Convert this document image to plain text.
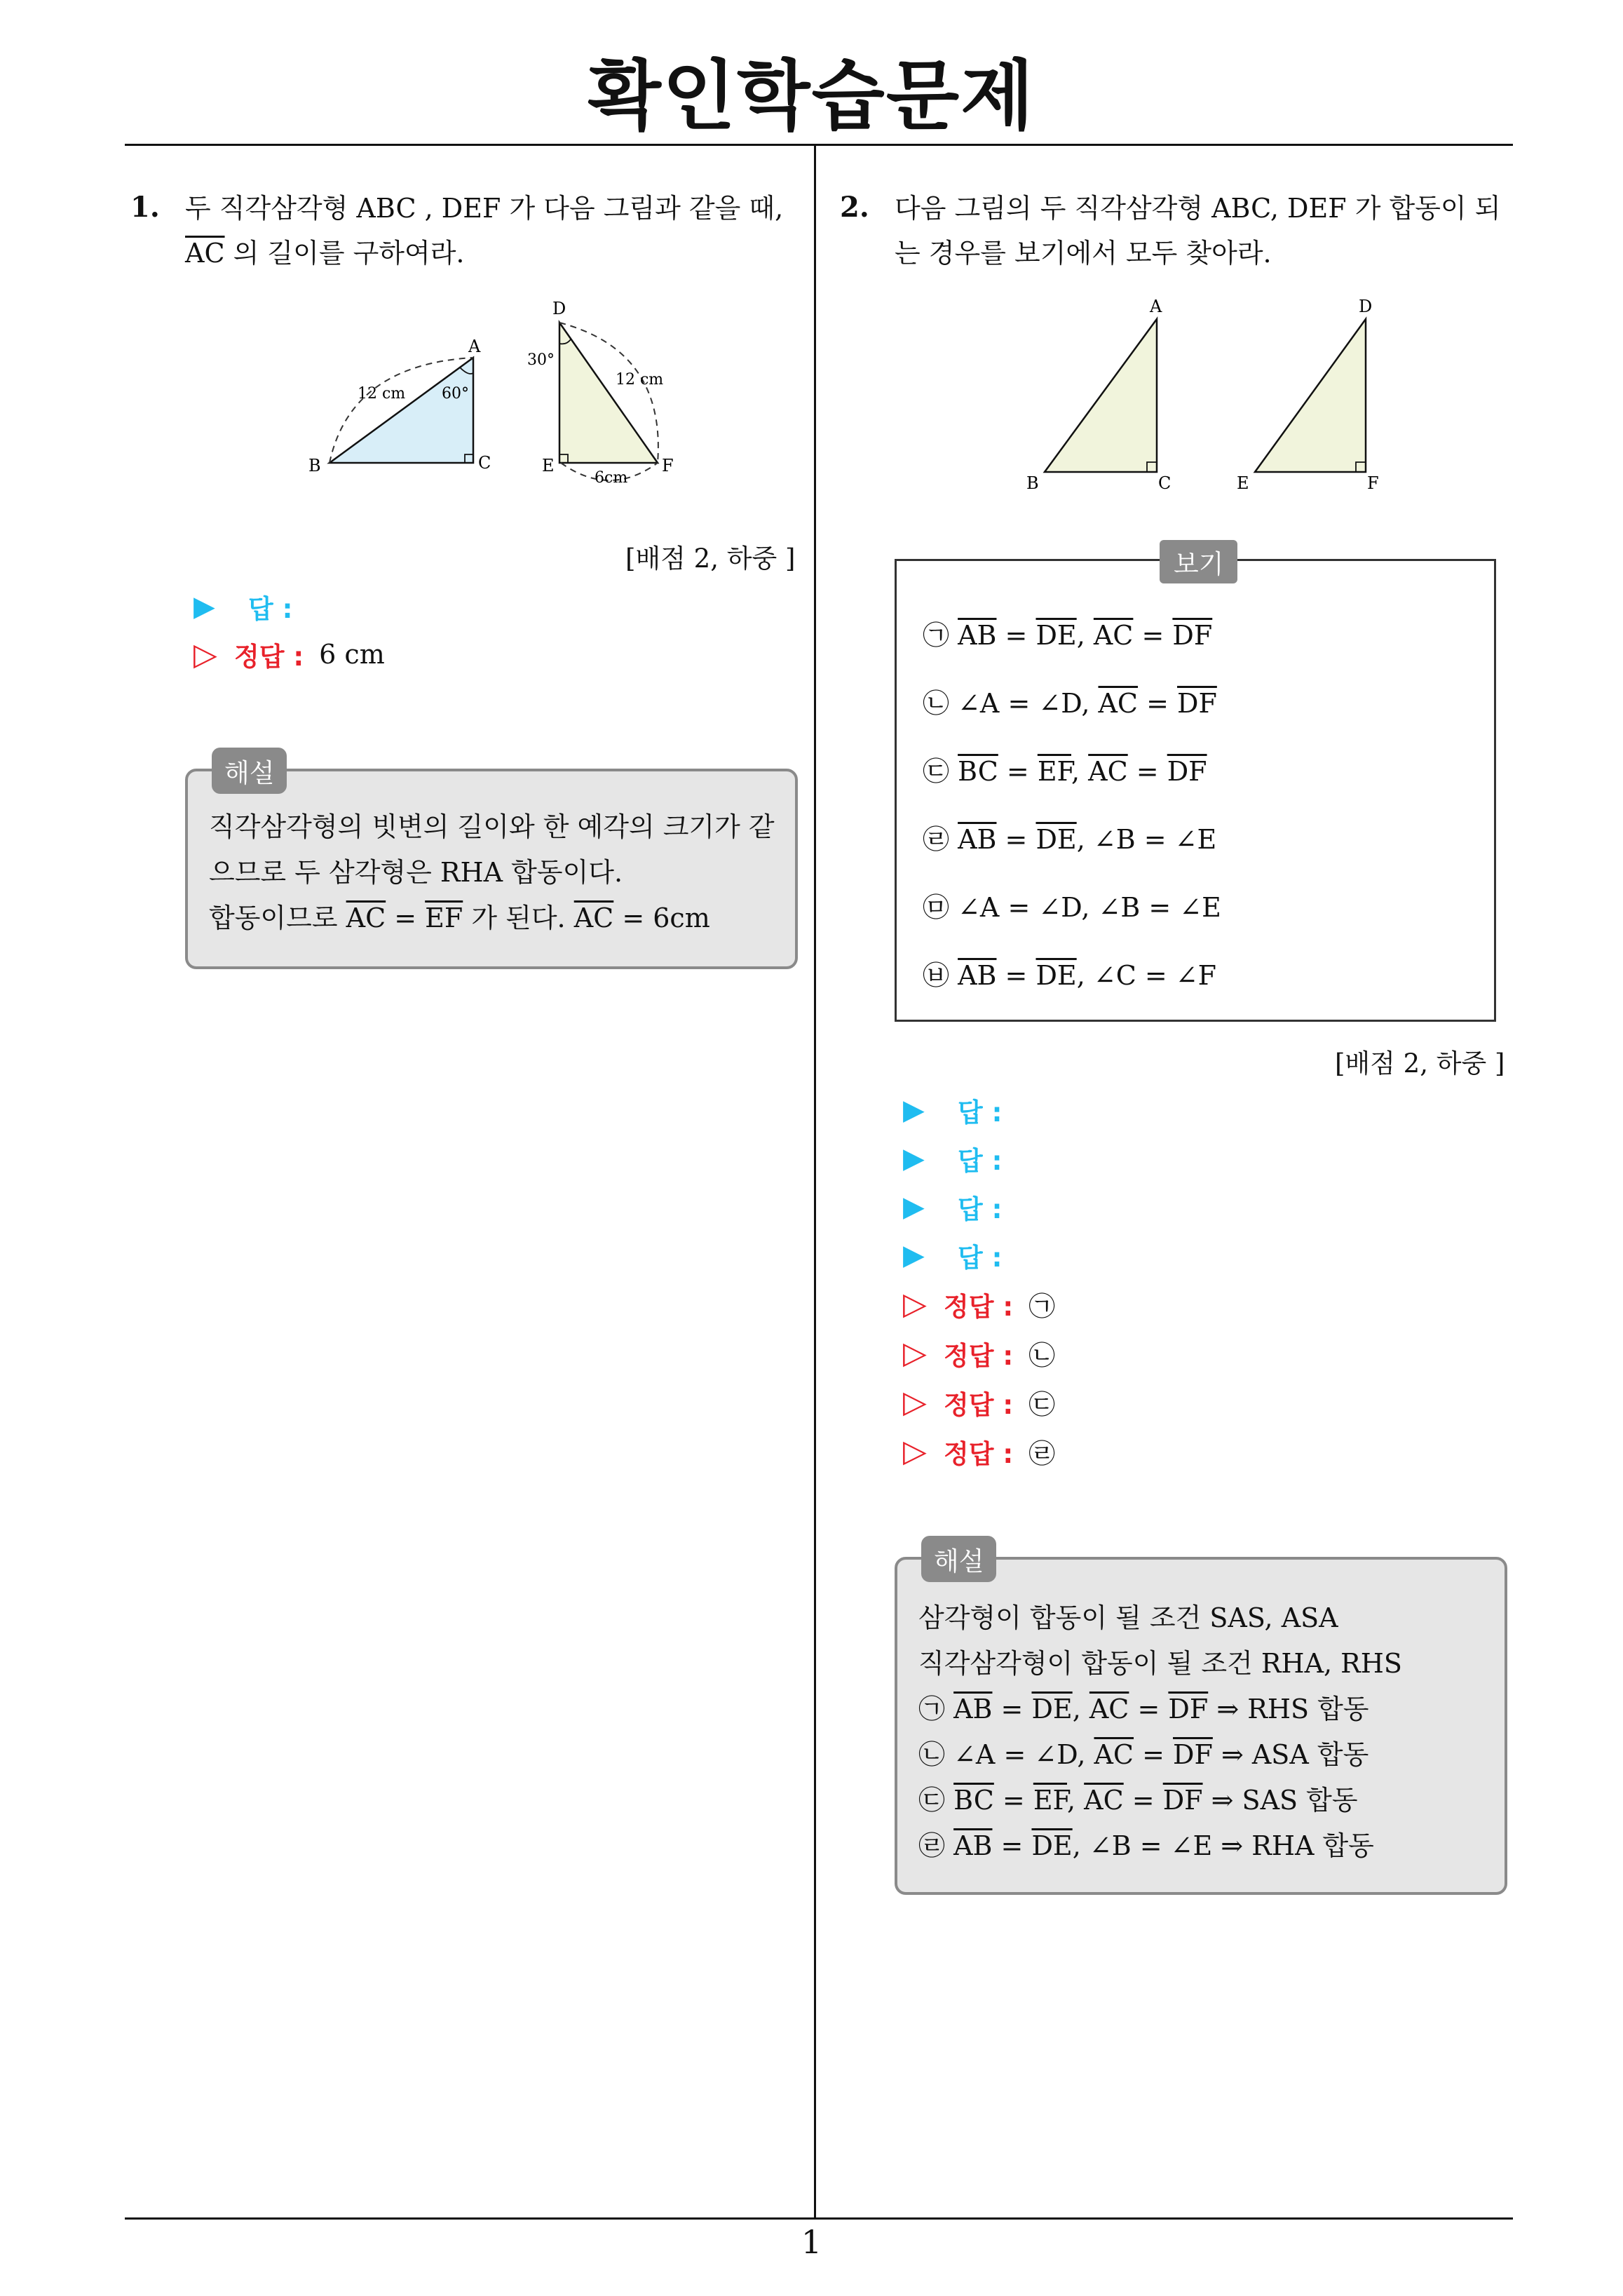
확인학습문제
1
1. 두 직각삼각형 ABC , DEF 가 다음 그림과 같을 때,
$\overline{AC}$ 의 길이를 구하여라.
A
B	C
12 cm 60°
D
E	F
12 cm
30°
6cm
[배점 2, 하중 ]
▶	답 :
▷ 정답 : 6 cm
해설
직각삼각형의 빗변의 길이와 한 예각의 크기가 같
으므로 두 삼각형은 RHA 합동이다.
합동이므로 $\overline{AC} = \overline{EF}$ 가 된다. $\overline{AC} = 6cm$
2. 다음 그림의 두 직각삼각형 ABC, DEF 가 합동이 되
는 경우를 보기에서 모두 찾아라.
A
B	C
D
E	F
보기
㉠ $\overline{AB} = \overline{DE}$, $\overline{AC} = \overline{DF}$
㉡ ∠A = ∠D, $\overline{AC} = \overline{DF}$
㉢ $\overline{BC} = \overline{EF}$, $\overline{AC} = \overline{DF}$
㉣ $\overline{AB} = \overline{DE}$, ∠B = ∠E
㉤ ∠A = ∠D, ∠B = ∠E
㉥ $\overline{AB} = \overline{DE}$, ∠C = ∠F
[배점 2, 하중 ]
▶	답 :
▶	답 :
▶	답 :
▶	답 :
▷ 정답 : ㉠
▷ 정답 : ㉡
▷ 정답 : ㉢
▷ 정답 : ㉣
해설
삼각형이 합동이 될 조건 SAS, ASA
직각삼각형이 합동이 될 조건 RHA, RHS
㉠ $\overline{AB} = \overline{DE}$, $\overline{AC} = \overline{DF}$ ⇒ RHS 합동
㉡ ∠A = ∠D, $\overline{AC} = \overline{DF}$ ⇒ ASA 합동
㉢ $\overline{BC} = \overline{EF}$, $\overline{AC} = \overline{DF}$ ⇒ SAS 합동
㉣ $\overline{AB} = \overline{DE}$, ∠B = ∠E ⇒ RHA 합동
